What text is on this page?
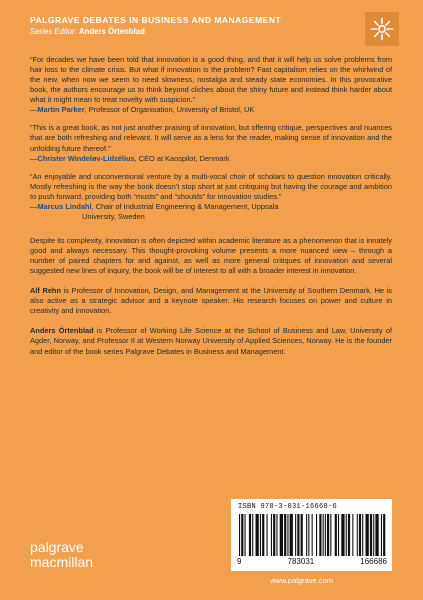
PALGRAVE DEBATES IN BUSINESS AND MANAGEMENT
Series Editor: Anders Örtenblad
“For decades we have been told that innovation is a good thing, and that it will help us solve problems from hair loss to the climate crisis. But what if innovation is the problem? Fast capitalism relies on the whirlwind of the new, when now we seem to need slowness, nostalgia and steady state economies. In this provocative book, the authors encourage us to think beyond cliches about the shiny future and instead think harder about what it might mean to treat novelty with suspicion.”
—Martin Parker, Professor of Organisation, University of Bristol, UK
“This is a great book, as not just another praising of innovation, but offering critique, perspectives and nuances that are both refreshing and relevant. It will serve as a lens for the reader, making sense of innovation and the unfolding future thereof.”
—Christer Windeløv-Lidzélius, CEO at Kaospilot, Denmark
“An enjoyable and unconventional venture by a multi-vocal choir of scholars to question innovation critically. Mostly refreshing is the way the book doesn’t stop short at just critiquing but having the courage and ambition to push forward, providing both “musts” and “shoulds” for innovation studies.”
—Marcus Lindahl, Chair of Industrial Engineering & Management, Uppsala
University, Sweden

Despite its complexity, innovation is often depicted within academic literature as a phenomenon that is innately good and always necessary. This thought-provoking volume presents a more nuanced view – through a number of paired chapters for and against, as well as more general critiques of innovation and several suggested new lines of inquiry, the book will be of interest to all with a broader interest in innovation.

Alf Rehn is Professor of Innovation, Design, and Management at the University of Southern Denmark. He is also active as a strategic advisor and a keynote speaker. His research focuses on power and culture in creativity and innovation.

Anders Örtenblad is Professor of Working Life Science at the School of Business and Law, University of Agder, Norway, and Professor II at Western Norway University of Applied Sciences, Norway. He is the founder and editor of the book series Palgrave Debates in Business and Management.

ISBN 978-3-031-16668-6
9	783031	166686
palgrave
macmillan
www.palgrave.com
